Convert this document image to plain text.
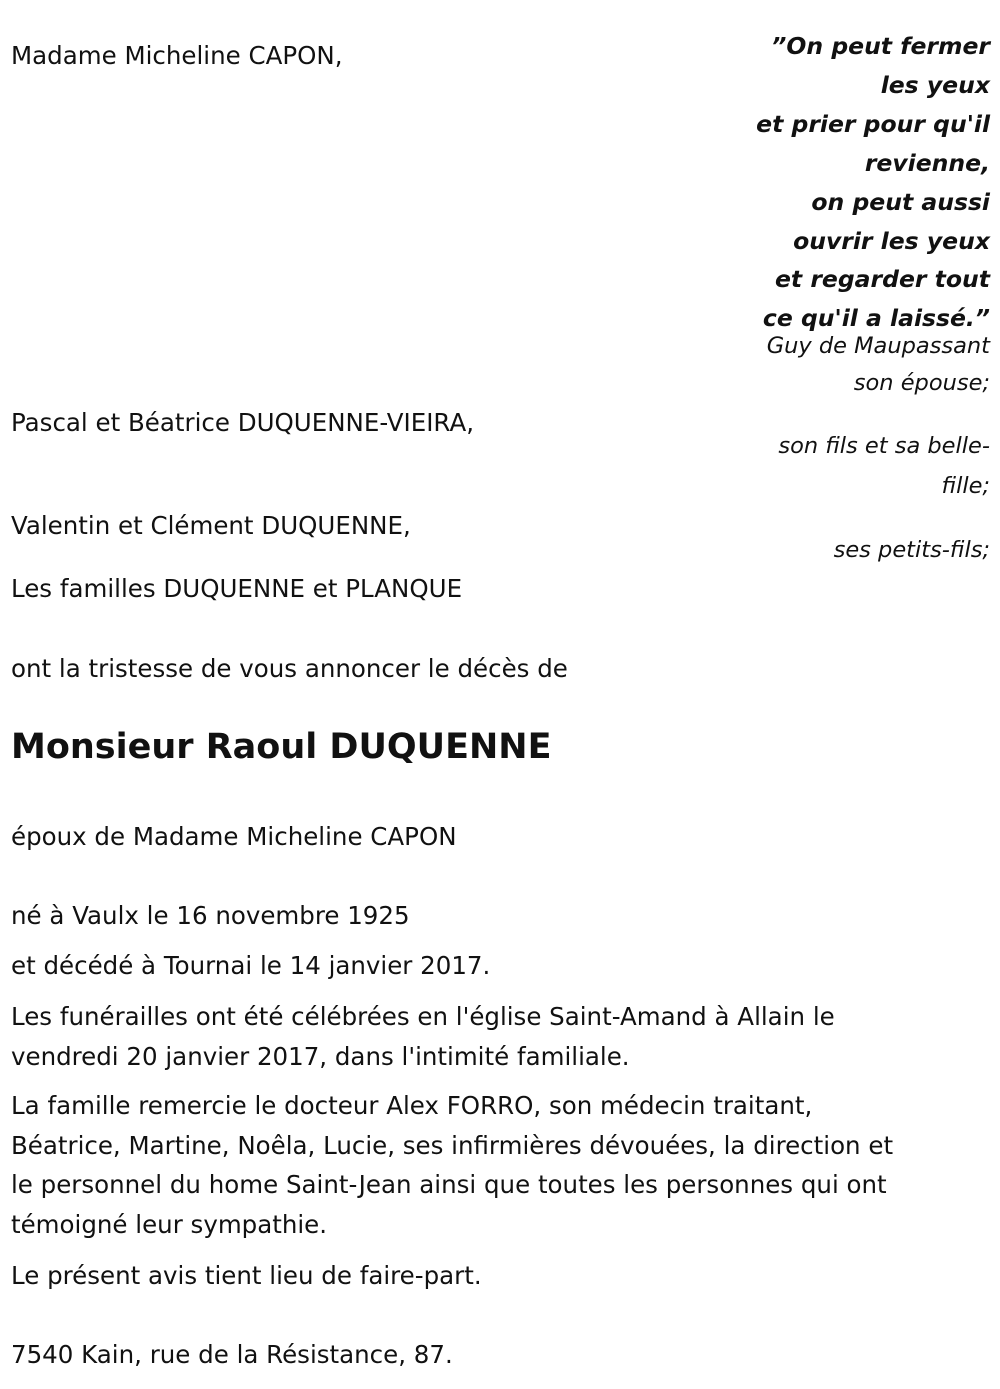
”On peut fermer
les yeux
et prier pour qu'il
revienne,
on peut aussi
ouvrir les yeux
et regarder tout
ce qu'il a laissé.”
Guy de Maupassant
Madame Micheline CAPON,
son épouse;
Pascal et Béatrice DUQUENNE-VIEIRA,
son fils et sa belle-
fille;
Valentin et Clément DUQUENNE,
ses petits-fils;
Les familles DUQUENNE et PLANQUE
ont la tristesse de vous annoncer le décès de
Monsieur Raoul DUQUENNE
époux de Madame Micheline CAPON
né à Vaulx le 16 novembre 1925
et décédé à Tournai le 14 janvier 2017.
Les funérailles ont été célébrées en l'église Saint-Amand à Allain le
vendredi 20 janvier 2017, dans l'intimité familiale.
La famille remercie le docteur Alex FORRO, son médecin traitant,
Béatrice, Martine, Noêla, Lucie, ses infirmières dévouées, la direction et
le personnel du home Saint-Jean ainsi que toutes les personnes qui ont
témoigné leur sympathie.
Le présent avis tient lieu de faire-part.
7540 Kain, rue de la Résistance, 87.
